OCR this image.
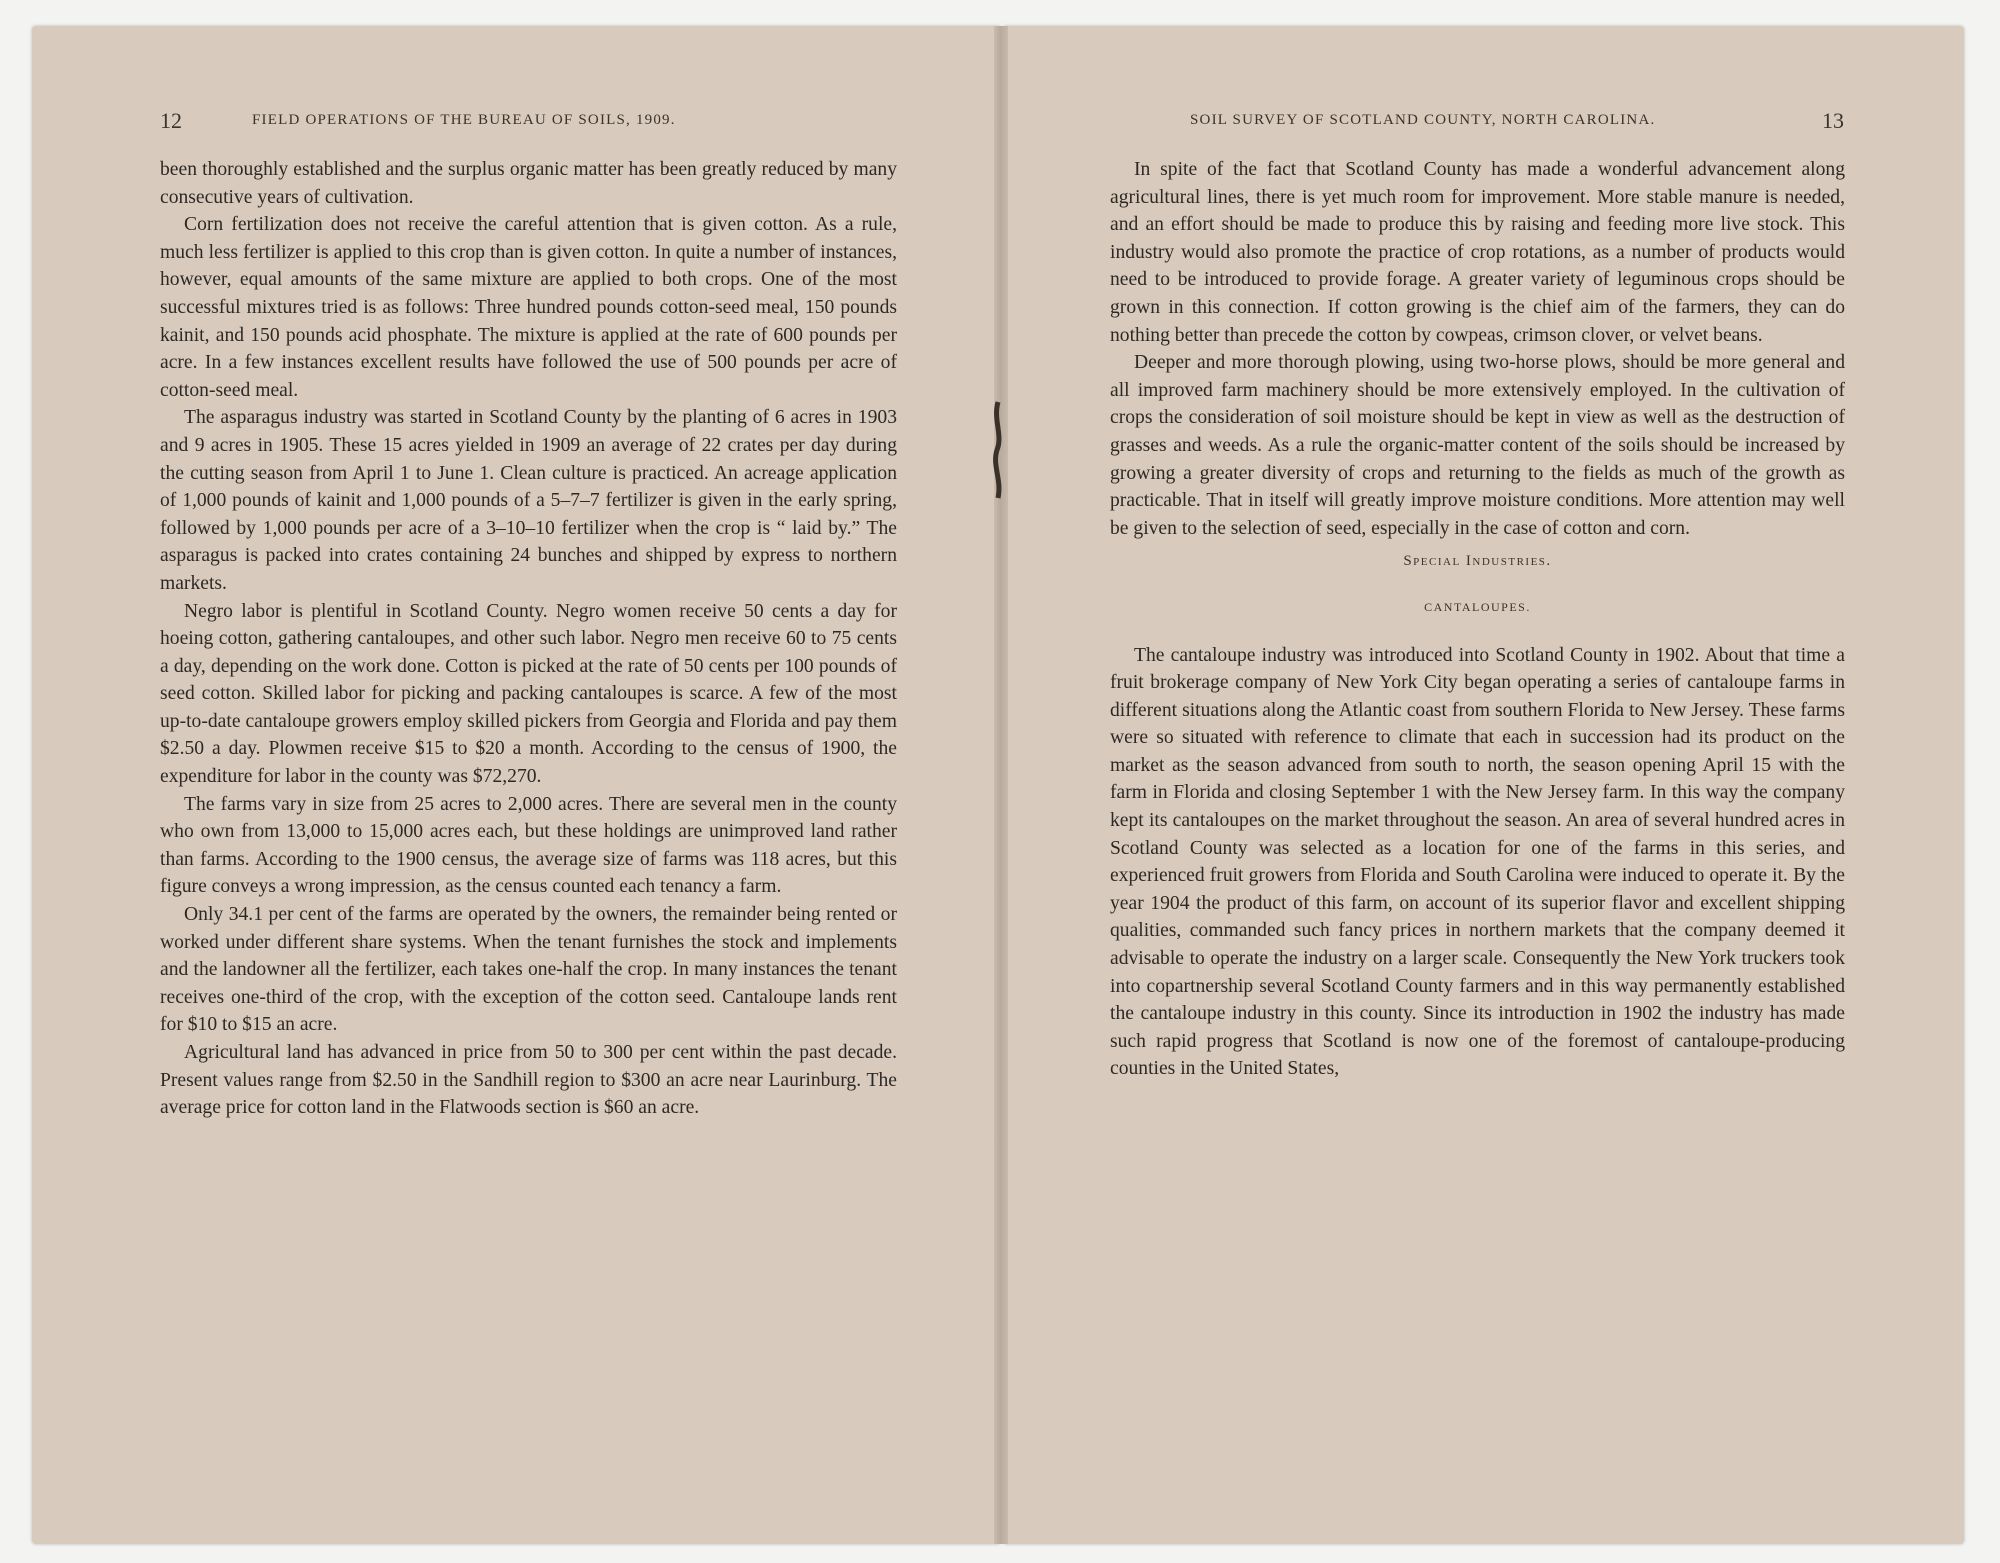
12	FIELD OPERATIONS OF THE BUREAU OF SOILS, 1909.

been thoroughly established and the surplus organic matter has been greatly reduced by many consecutive years of cultivation.

Corn fertilization does not receive the careful attention that is given cotton. As a rule, much less fertilizer is applied to this crop than is given cotton. In quite a number of instances, however, equal amounts of the same mixture are applied to both crops. One of the most successful mixtures tried is as follows: Three hundred pounds cotton-seed meal, 150 pounds kainit, and 150 pounds acid phosphate. The mixture is applied at the rate of 600 pounds per acre. In a few instances excellent results have followed the use of 500 pounds per acre of cotton-seed meal.

The asparagus industry was started in Scotland County by the planting of 6 acres in 1903 and 9 acres in 1905. These 15 acres yielded in 1909 an average of 22 crates per day during the cutting season from April 1 to June 1. Clean culture is practiced. An acreage application of 1,000 pounds of kainit and 1,000 pounds of a 5–7–7 fertilizer is given in the early spring, followed by 1,000 pounds per acre of a 3–10–10 fertilizer when the crop is “ laid by.” The asparagus is packed into crates containing 24 bunches and shipped by express to northern markets.

Negro labor is plentiful in Scotland County. Negro women receive 50 cents a day for hoeing cotton, gathering cantaloupes, and other such labor. Negro men receive 60 to 75 cents a day, depending on the work done. Cotton is picked at the rate of 50 cents per 100 pounds of seed cotton. Skilled labor for picking and packing cantaloupes is scarce. A few of the most up-to-date cantaloupe growers employ skilled pickers from Georgia and Florida and pay them $2.50 a day. Plowmen receive $15 to $20 a month. According to the census of 1900, the expenditure for labor in the county was $72,270.

The farms vary in size from 25 acres to 2,000 acres. There are several men in the county who own from 13,000 to 15,000 acres each, but these holdings are unimproved land rather than farms. According to the 1900 census, the average size of farms was 118 acres, but this figure conveys a wrong impression, as the census counted each tenancy a farm.

Only 34.1 per cent of the farms are operated by the owners, the remainder being rented or worked under different share systems. When the tenant furnishes the stock and implements and the landowner all the fertilizer, each takes one-half the crop. In many instances the tenant receives one-third of the crop, with the exception of the cotton seed. Cantaloupe lands rent for $10 to $15 an acre.

Agricultural land has advanced in price from 50 to 300 per cent within the past decade. Present values range from $2.50 in the Sandhill region to $300 an acre near Laurinburg. The average price for cotton land in the Flatwoods section is $60 an acre.

SOIL SURVEY OF SCOTLAND COUNTY, NORTH CAROLINA.	13

In spite of the fact that Scotland County has made a wonderful advancement along agricultural lines, there is yet much room for improvement. More stable manure is needed, and an effort should be made to produce this by raising and feeding more live stock. This industry would also promote the practice of crop rotations, as a number of products would need to be introduced to provide forage. A greater variety of leguminous crops should be grown in this connection. If cotton growing is the chief aim of the farmers, they can do nothing better than precede the cotton by cowpeas, crimson clover, or velvet beans.

Deeper and more thorough plowing, using two-horse plows, should be more general and all improved farm machinery should be more extensively employed. In the cultivation of crops the consideration of soil moisture should be kept in view as well as the destruction of grasses and weeds. As a rule the organic-matter content of the soils should be increased by growing a greater diversity of crops and returning to the fields as much of the growth as practicable. That in itself will greatly improve moisture conditions. More attention may well be given to the selection of seed, especially in the case of cotton and corn.

Special Industries.

CANTALOUPES.

The cantaloupe industry was introduced into Scotland County in 1902. About that time a fruit brokerage company of New York City began operating a series of cantaloupe farms in different situations along the Atlantic coast from southern Florida to New Jersey. These farms were so situated with reference to climate that each in succession had its product on the market as the season advanced from south to north, the season opening April 15 with the farm in Florida and closing September 1 with the New Jersey farm. In this way the company kept its cantaloupes on the market throughout the season. An area of several hundred acres in Scotland County was selected as a location for one of the farms in this series, and experienced fruit growers from Florida and South Carolina were induced to operate it. By the year 1904 the product of this farm, on account of its superior flavor and excellent shipping qualities, commanded such fancy prices in northern markets that the company deemed it advisable to operate the industry on a larger scale. Consequently the New York truckers took into copartnership several Scotland County farmers and in this way permanently established the cantaloupe industry in this county. Since its introduction in 1902 the industry has made such rapid progress that Scotland is now one of the foremost of cantaloupe-producing counties in the United States,
